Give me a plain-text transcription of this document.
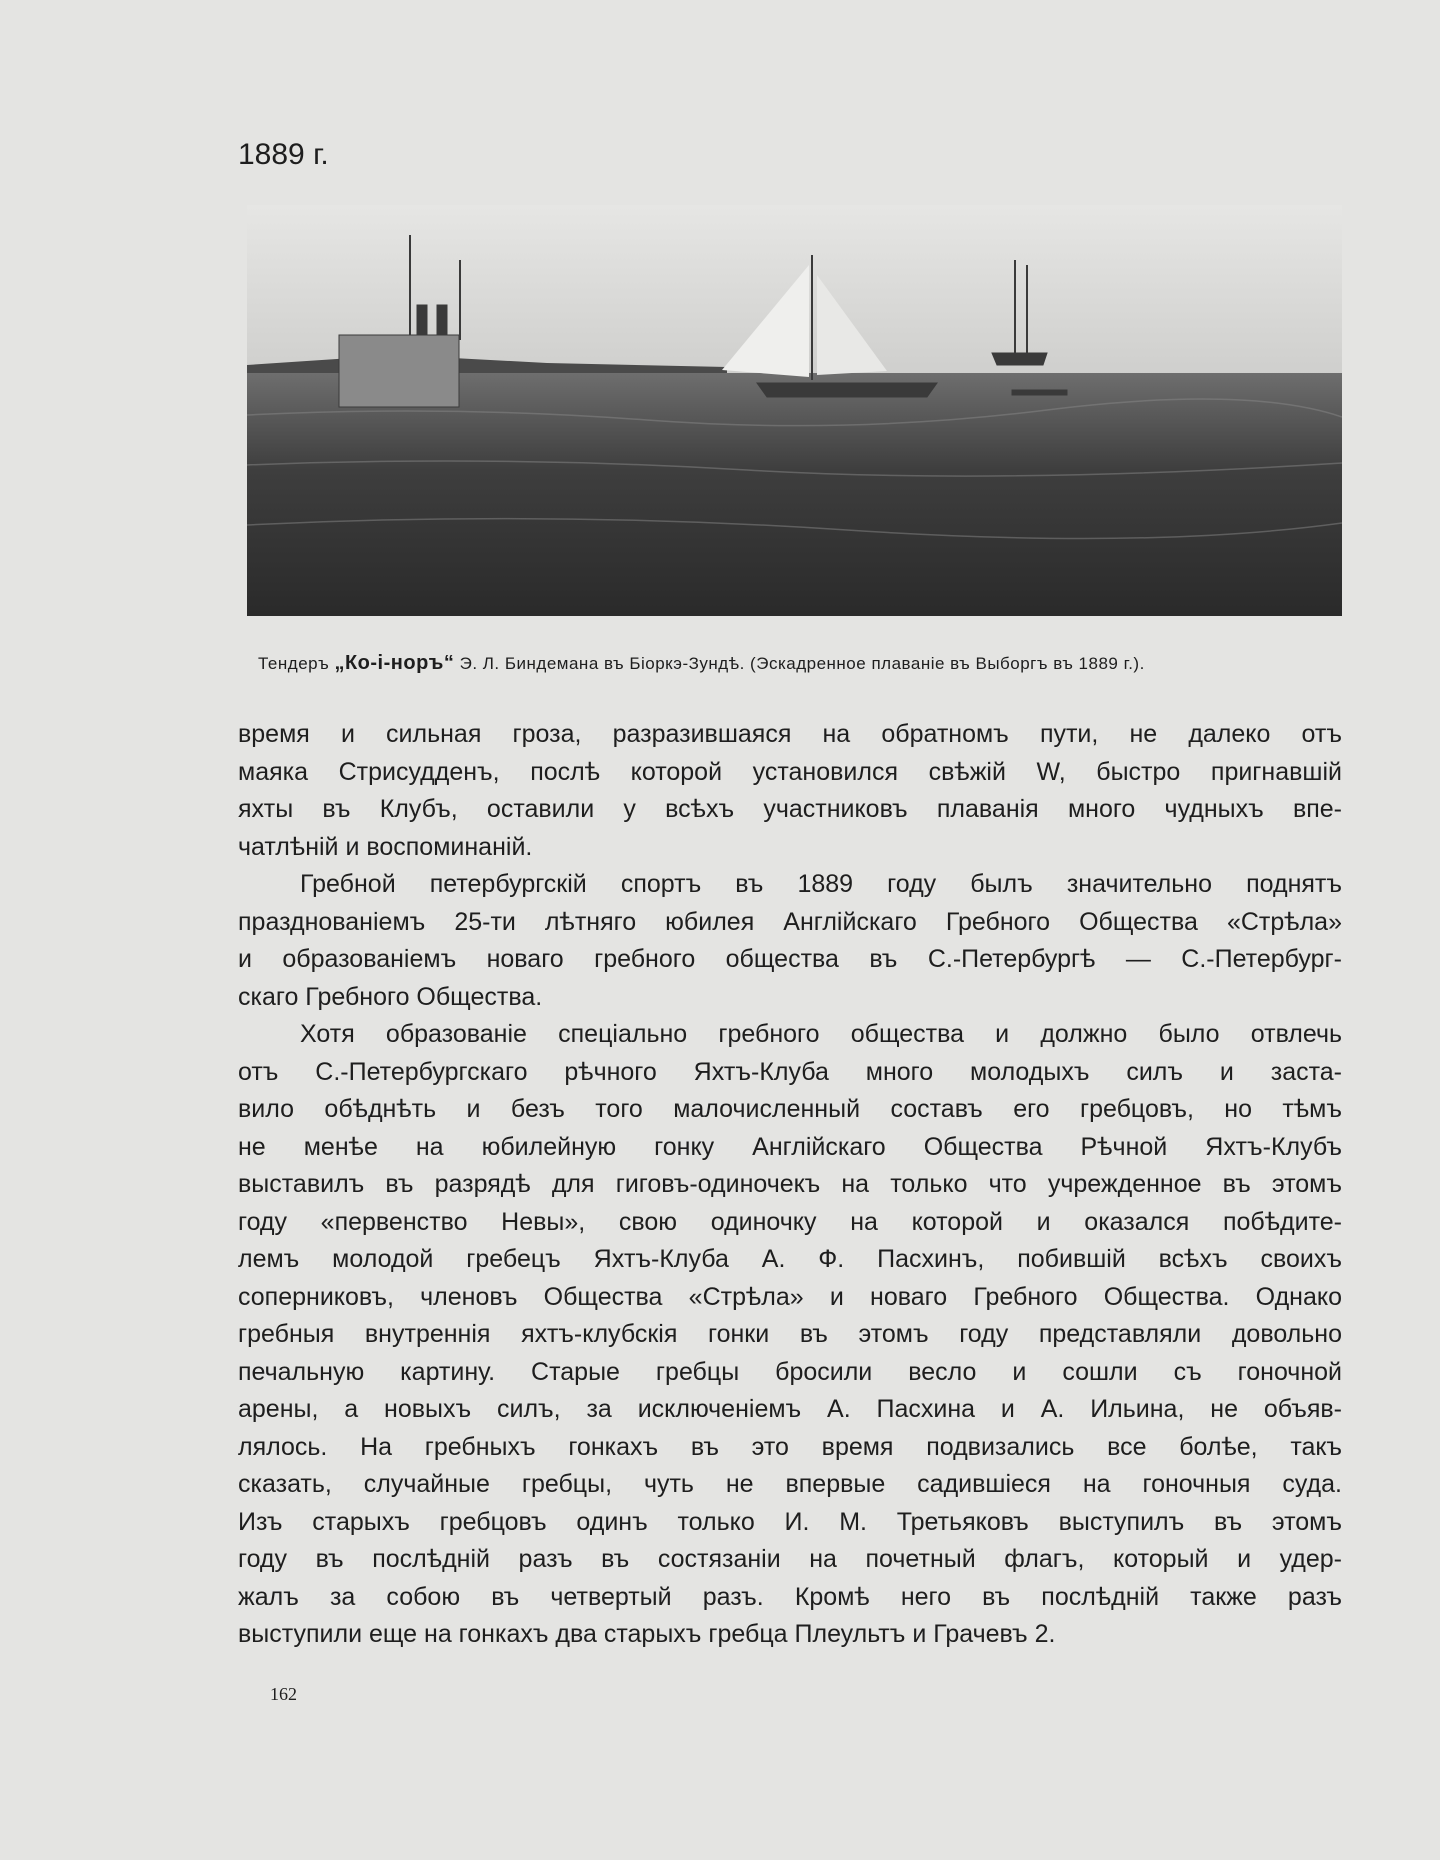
1889 г.
Тендеръ „Ко-і-норъ“ Э. Л. Биндемана въ Біоркэ-Зундѣ. (Эскадренное плаванiе въ Выборгъ въ 1889 г.).
время и сильная гроза, разразившаяся на обратномъ пути, не далеко отъ
маяка Стрисудденъ, послѣ которой установился свѣжій W, быстро пригнавшій
яхты въ Клубъ, оставили у всѣхъ участниковъ плаванія много чудныхъ впе-
чатлѣній и воспоминаній.
Гребной петербургскій спортъ въ 1889 году былъ значительно поднятъ
празднованіемъ 25-ти лѣтняго юбилея Англійскаго Гребного Общества «Стрѣла»
и образованіемъ новаго гребного общества въ С.-Петербургѣ — С.-Петербург-
скаго Гребного Общества.
Хотя образованіе спеціально гребного общества и должно было отвлечь
отъ С.-Петербургскаго рѣчного Яхтъ-Клуба много молодыхъ силъ и заста-
вило обѣднѣть и безъ того малочисленный составъ его гребцовъ, но тѣмъ
не менѣе на юбилейную гонку Англійскаго Общества Рѣчной Яхтъ-Клубъ
выставилъ въ разрядѣ для гиговъ-одиночекъ на только что учрежденное въ этомъ
году «первенство Невы», свою одиночку на которой и оказался побѣдите-
лемъ молодой гребецъ Яхтъ-Клуба А. Ф. Пасхинъ, побившій всѣхъ своихъ
соперниковъ, членовъ Общества «Стрѣла» и новаго Гребного Общества. Однако
гребныя внутреннія яхтъ-клубскія гонки въ этомъ году представляли довольно
печальную картину. Старые гребцы бросили весло и сошли съ гоночной
арены, а новыхъ силъ, за исключеніемъ А. Пасхина и А. Ильина, не объяв-
лялось. На гребныхъ гонкахъ въ это время подвизались все болѣе, такъ
сказать, случайные гребцы, чуть не впервые садившіеся на гоночныя суда.
Изъ старыхъ гребцовъ одинъ только И. М. Третьяковъ выступилъ въ этомъ
году въ послѣдній разъ въ состязаніи на почетный флагъ, который и удер-
жалъ за собою въ четвертый разъ. Кромѣ него въ послѣдній также разъ
выступили еще на гонкахъ два старыхъ гребца Плеультъ и Грачевъ 2.
162
